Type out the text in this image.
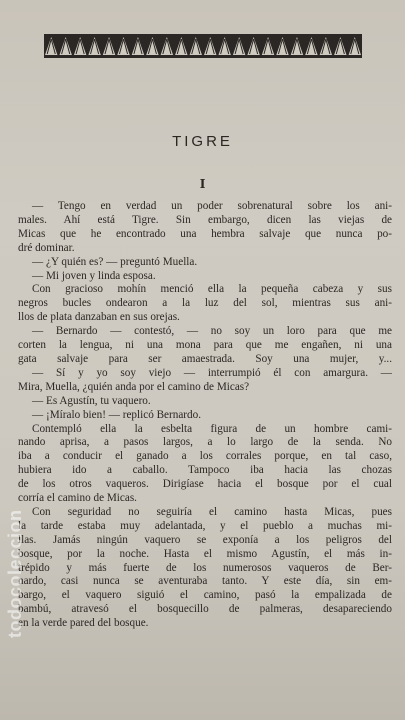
TIGRE
I
— Tengo en verdad un poder sobrenatural sobre los ani-
males. Ahí está Tigre. Sin embargo, dicen las viejas de
Micas que he encontrado una hembra salvaje que nunca po-
dré dominar.
— ¿Y quién es? — preguntó Muella.
— Mi joven y linda esposa.
Con gracioso mohín menció ella la pequeña cabeza y sus
negros bucles ondearon a la luz del sol, mientras sus ani-
llos de plata danzaban en sus orejas.
— Bernardo — contestó, — no soy un loro para que me
corten la lengua, ni una mona para que me engañen, ni una
gata salvaje para ser amaestrada. Soy una mujer, y...
— Sí y yo soy viejo — interrumpió él con amargura. —
Mira, Muella, ¿quién anda por el camino de Micas?
— Es Agustín, tu vaquero.
— ¡Míralo bien! — replicó Bernardo.
Contempló ella la esbelta figura de un hombre cami-
nando aprisa, a pasos largos, a lo largo de la senda. No
iba a conducir el ganado a los corrales porque, en tal caso,
hubiera ido a caballo. Tampoco iba hacia las chozas
de los otros vaqueros. Dirigíase hacia el bosque por el cual
corría el camino de Micas.
Con seguridad no seguiría el camino hasta Micas, pues
la tarde estaba muy adelantada, y el pueblo a muchas mi-
llas. Jamás ningún vaquero se exponía a los peligros del
bosque, por la noche. Hasta el mismo Agustín, el más in-
trépido y más fuerte de los numerosos vaqueros de Ber-
nardo, casi nunca se aventuraba tanto. Y este día, sin em-
bargo, el vaquero siguió el camino, pasó la empalizada de
bambú, atravesó el bosquecillo de palmeras, desapareciendo
en la verde pared del bosque.
todocoleccion
